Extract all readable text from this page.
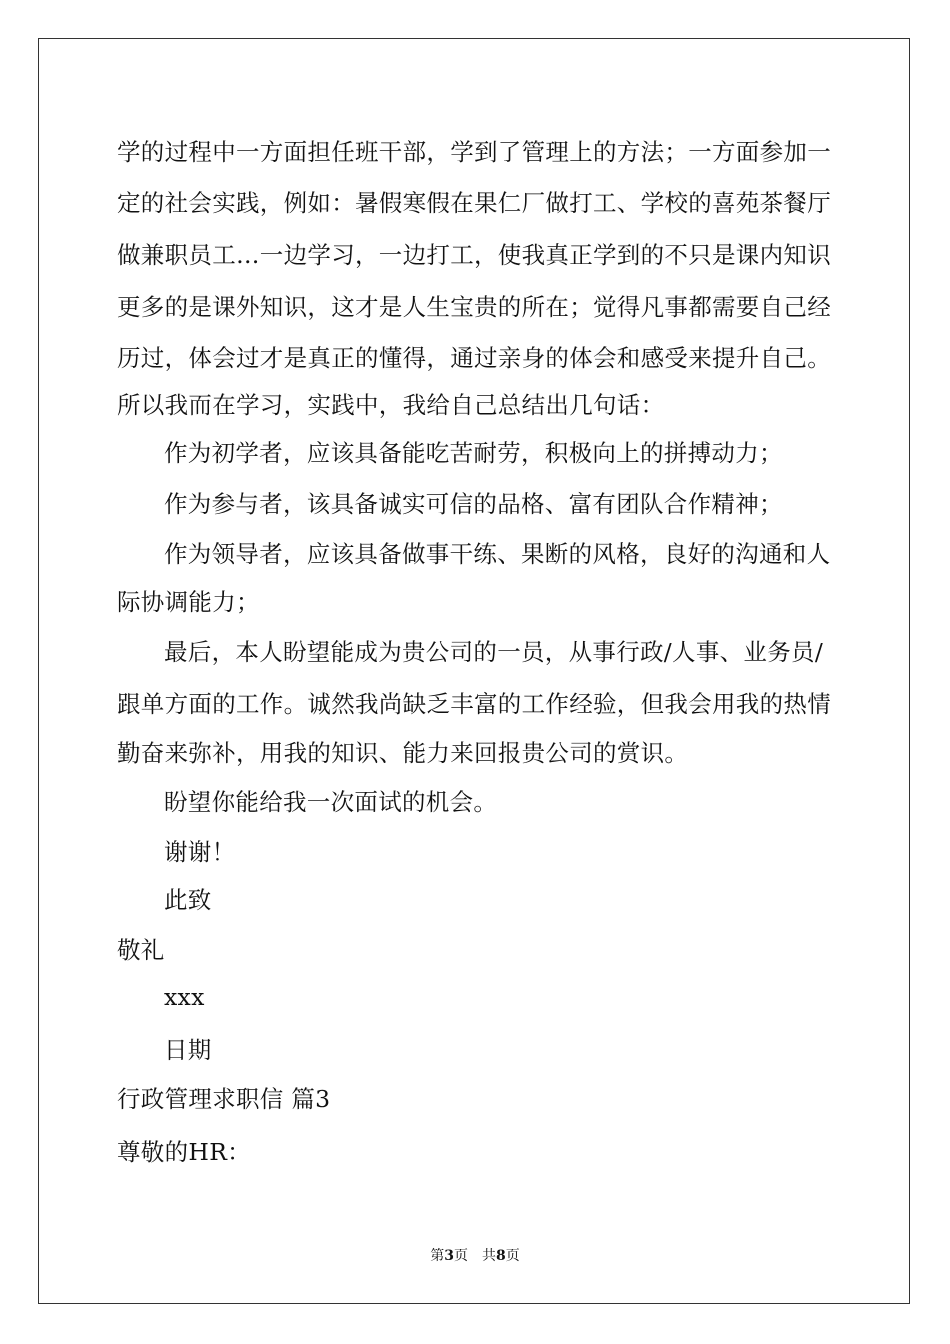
学的过程中一方面担任班干部，学到了管理上的方法；一方面参加一
定的社会实践，例如：暑假寒假在果仁厂做打工、学校的喜苑茶餐厅
做兼职员工…一边学习，一边打工，使我真正学到的不只是课内知识
更多的是课外知识，这才是人生宝贵的所在；觉得凡事都需要自己经
历过，体会过才是真正的懂得，通过亲身的体会和感受来提升自己。
所以我而在学习，实践中，我给自己总结出几句话：
作为初学者，应该具备能吃苦耐劳，积极向上的拼搏动力；
作为参与者，该具备诚实可信的品格、富有团队合作精神；
作为领导者，应该具备做事干练、果断的风格，良好的沟通和人
际协调能力；
最后，本人盼望能成为贵公司的一员，从事行政/人事、业务员/
跟单方面的工作。诚然我尚缺乏丰富的工作经验，但我会用我的热情
勤奋来弥补，用我的知识、能力来回报贵公司的赏识。
盼望你能给我一次面试的机会。
谢谢！
此致
敬礼
xxx
日期
行政管理求职信 篇3
尊敬的HR：
第3页　共8页
